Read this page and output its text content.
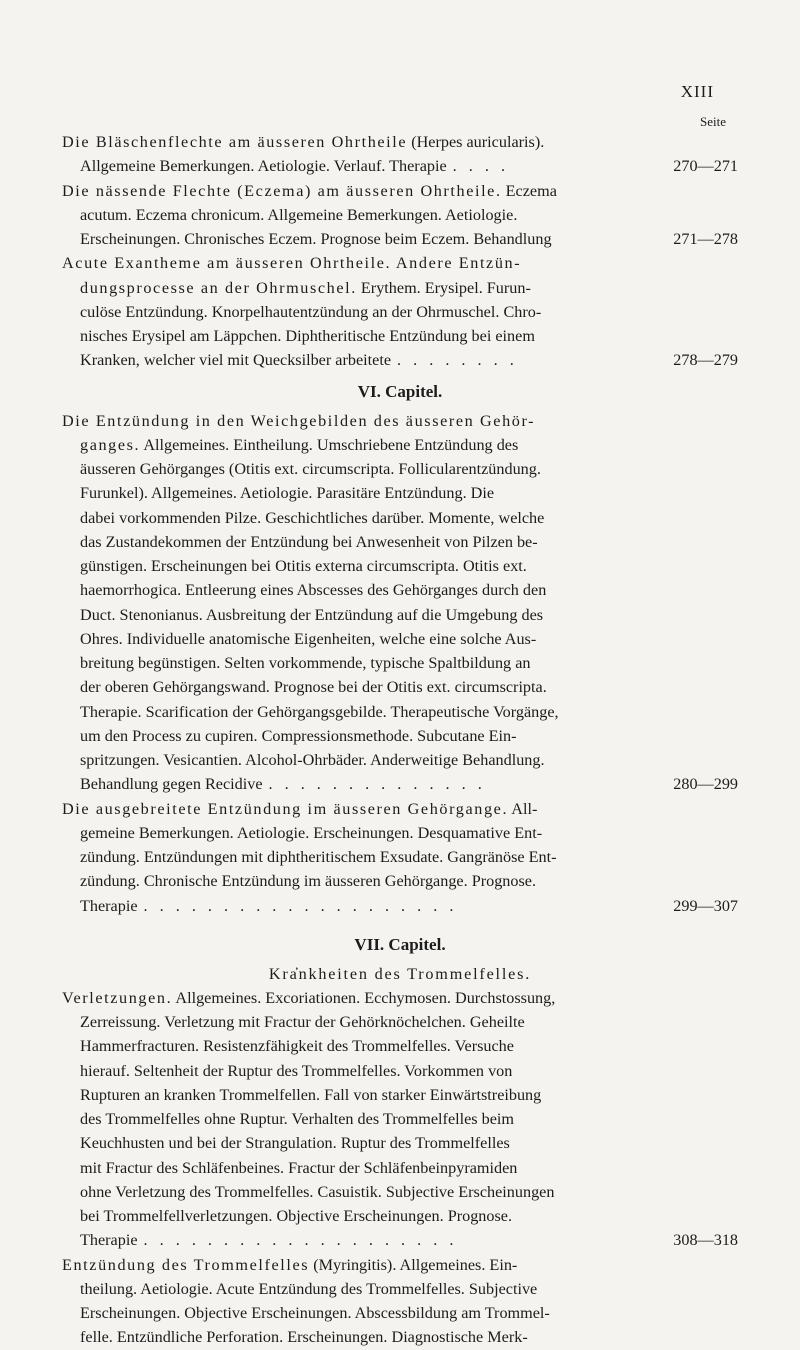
XIII
Seite
Die Bläschenflechte am äusseren Ohrtheile (Herpes auricularis).
Allgemeine Bemerkungen. Aetiologie. Verlauf. Therapie . . . .	270—271
Die nässende Flechte (Eczema) am äusseren Ohrtheile. Eczema
acutum. Eczema chronicum. Allgemeine Bemerkungen. Aetiologie.
Erscheinungen. Chronisches Eczem. Prognose beim Eczem. Behandlung	271—278
Acute Exantheme am äusseren Ohrtheile. Andere Entzün-
dungsprocesse an der Ohrmuschel. Erythem. Erysipel. Furun-
culöse Entzündung. Knorpelhautentzündung an der Ohrmuschel. Chro-
nisches Erysipel am Läppchen. Diphtheritische Entzündung bei einem
Kranken, welcher viel mit Quecksilber arbeitete . . . . . . . .	278—279
VI. Capitel.
Die Entzündung in den Weichgebilden des äusseren Gehör-
ganges. Allgemeines. Eintheilung. Umschriebene Entzündung des
äusseren Gehörganges (Otitis ext. circumscripta. Follicularentzündung.
Furunkel). Allgemeines. Aetiologie. Parasitäre Entzündung. Die
dabei vorkommenden Pilze. Geschichtliches darüber. Momente, welche
das Zustandekommen der Entzündung bei Anwesenheit von Pilzen be-
günstigen. Erscheinungen bei Otitis externa circumscripta. Otitis ext.
haemorrhogica. Entleerung eines Abscesses des Gehörganges durch den
Duct. Stenonianus. Ausbreitung der Entzündung auf die Umgebung des
Ohres. Individuelle anatomische Eigenheiten, welche eine solche Aus-
breitung begünstigen. Selten vorkommende, typische Spaltbildung an
der oberen Gehörgangswand. Prognose bei der Otitis ext. circumscripta.
Therapie. Scarification der Gehörgangsgebilde. Therapeutische Vorgänge,
um den Process zu cupiren. Compressionsmethode. Subcutane Ein-
spritzungen. Vesicantien. Alcohol-Ohrbäder. Anderweitige Behandlung.
Behandlung gegen Recidive . . . . . . . . . . . . . .	280—299
Die ausgebreitete Entzündung im äusseren Gehörgange. All-
gemeine Bemerkungen. Aetiologie. Erscheinungen. Desquamative Ent-
zündung. Entzündungen mit diphtheritischem Exsudate. Gangränöse Ent-
zündung. Chronische Entzündung im äusseren Gehörgange. Prognose.
Therapie . . . . . . . . . . . . . . . . . . . .	299—307
VII. Capitel.
Kra̓nkheiten des Trommelfelles.
Verletzungen. Allgemeines. Excoriationen. Ecchymosen. Durchstossung,
Zerreissung. Verletzung mit Fractur der Gehörknöchelchen. Geheilte
Hammerfracturen. Resistenzfähigkeit des Trommelfelles. Versuche
hierauf. Seltenheit der Ruptur des Trommelfelles. Vorkommen von
Rupturen an kranken Trommelfellen. Fall von starker Einwärtstreibung
des Trommelfelles ohne Ruptur. Verhalten des Trommelfelles beim
Keuchhusten und bei der Strangulation. Ruptur des Trommelfelles
mit Fractur des Schläfenbeines. Fractur der Schläfenbeinpyramiden
ohne Verletzung des Trommelfelles. Casuistik. Subjective Erscheinungen
bei Trommelfellverletzungen. Objective Erscheinungen. Prognose.
Therapie . . . . . . . . . . . . . . . . . . . .	308—318
Entzündung des Trommelfelles (Myringitis). Allgemeines. Ein-
theilung. Aetiologie. Acute Entzündung des Trommelfelles. Subjective
Erscheinungen. Objective Erscheinungen. Abscessbildung am Trommel-
felle. Entzündliche Perforation. Erscheinungen. Diagnostische Merk-
